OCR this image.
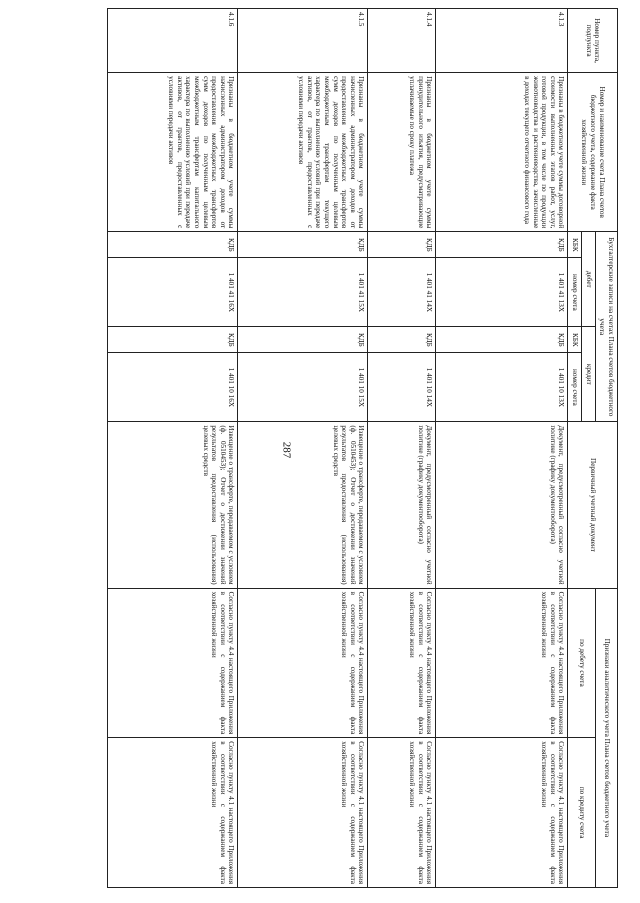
287
Номер пункта, подпункта	Номер и наименование счета Плана счетов бюджетного учета, содержание факта хозяйственной жизни	Бухгалтерские записи на счетах Плана счетов бюджетного учета				Первичный учетный документ	Признаки аналитического учета Плана счетов бюджетного учета	
		дебет		кредит			по дебету счета	по кредиту счета
		КБК	номер счета	КБК	номер счета			
4.1.3	Признаны в бюджетном учете суммы договорной стоимости выполненных этапов работ, услуг, готовой продукции, в том числе по продукции животноводства и растениеводства, зачисленные в доходах текущего отчетного финансового года	КДБ	1 401 41 13Х	КДБ	1 401 10 13Х	Документ, предусмотренный согласно учетной политике (графику документооборота)	Согласно пункту 4.4 настоящего Приложения в соответствии с содержанием факта хозяйственной жизни	Согласно пункту 4.1 настоящего Приложения в соответствии с содержанием факта хозяйственной жизни
4.1.4	Признаны в бюджетном учете суммы принудительного изъятия, предусматривающие уплачиваемые по сроку платежа	КДБ	1 401 41 14Х	КДБ	1 401 10 14Х	Документ, предусмотренный согласно учетной политике (графику документооборота)	Согласно пункту 4.4 настоящего Приложения в соответствии с содержанием факта хозяйственной жизни	Согласно пункту 4.1 настоящего Приложения в соответствии с содержанием факта хозяйственной жизни
4.1.5	Признаны в бюджетном учете суммы начисленных администратором доходов от предоставления межбюджетных трансфертов сумм доходов по полученным целевым межбюджетным трансфертам текущего характера по выполнению условий при передаче активов, от грантов, предоставленных с условиями передачи активов	КДБ	1 401 41 15Х	КДБ	1 401 10 15Х	Извещение о трансферте, передаваемом с условием (ф. 0510453); Отчет о достижении значений результатов предоставления (использования) целевых средств	Согласно пункту 4.4 настоящего Приложения в соответствии с содержанием факта хозяйственной жизни	Согласно пункту 4.1 настоящего Приложения в соответствии с содержанием факта хозяйственной жизни
4.1.6	Признаны в бюджетном учете суммы начисленных администратором доходов от предоставления межбюджетных трансфертов сумм доходов по полученным целевым межбюджетным трансфертам капитального характера по выполнению условий при передаче активов, от грантов, предоставленных с условиями передачи активов	КДБ	1 401 41 16Х	КДБ	1 401 10 16Х	Извещение о трансферте, передаваемом с условием (ф. 0510453); Отчет о достижении значений результатов предоставления (использования) целевых средств	Согласно пункту 4.4 настоящего Приложения в соответствии с содержанием факта хозяйственной жизни	Согласно пункту 4.1 настоящего Приложения в соответствии с содержанием факта хозяйственной жизни
